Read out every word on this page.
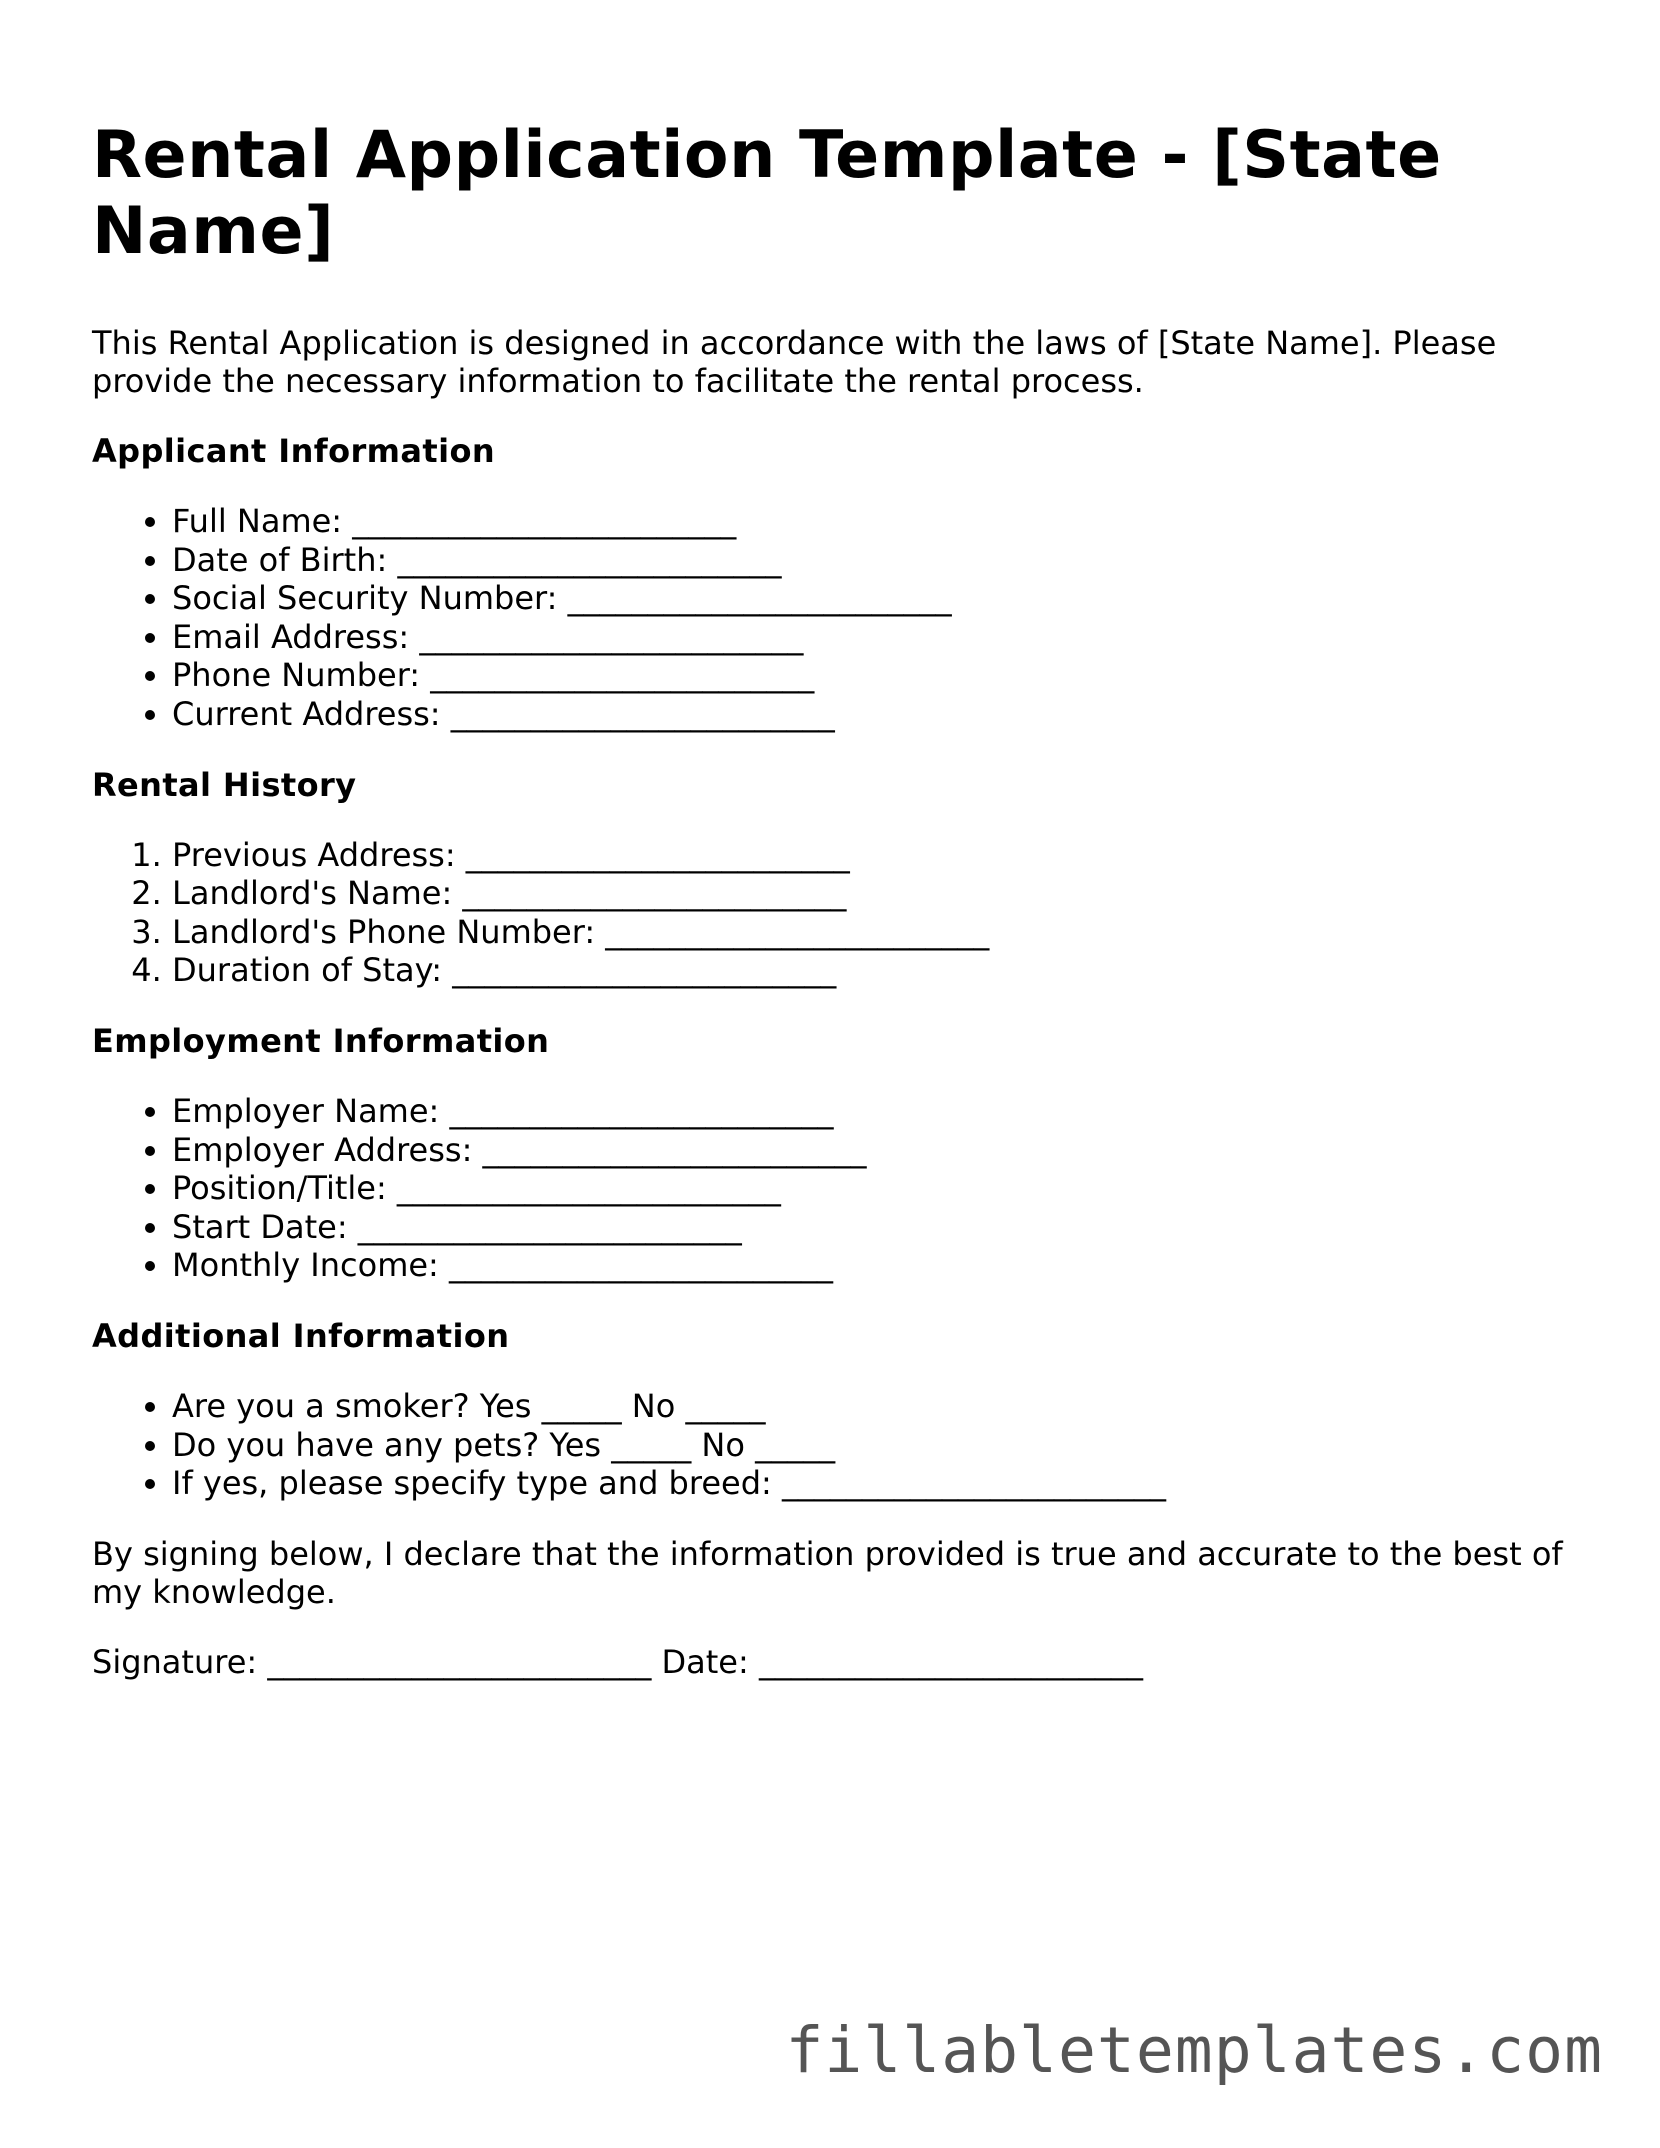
Rental Application Template - [State Name]

This Rental Application is designed in accordance with the laws of [State Name]. Please provide the necessary information to facilitate the rental process.

Applicant Information
• Full Name: ________________________
• Date of Birth: ________________________
• Social Security Number: ________________________
• Email Address: ________________________
• Phone Number: ________________________
• Current Address: ________________________
Rental History
1. Previous Address: ________________________
2. Landlord's Name: ________________________
3. Landlord's Phone Number: ________________________
4. Duration of Stay: ________________________
Employment Information
• Employer Name: ________________________
• Employer Address: ________________________
• Position/Title: ________________________
• Start Date: ________________________
• Monthly Income: ________________________
Additional Information
• Are you a smoker? Yes _____ No _____
• Do you have any pets? Yes _____ No _____
• If yes, please specify type and breed: ________________________

By signing below, I declare that the information provided is true and accurate to the best of my knowledge.

Signature: ________________________ Date: ________________________

fillabletemplates.com
